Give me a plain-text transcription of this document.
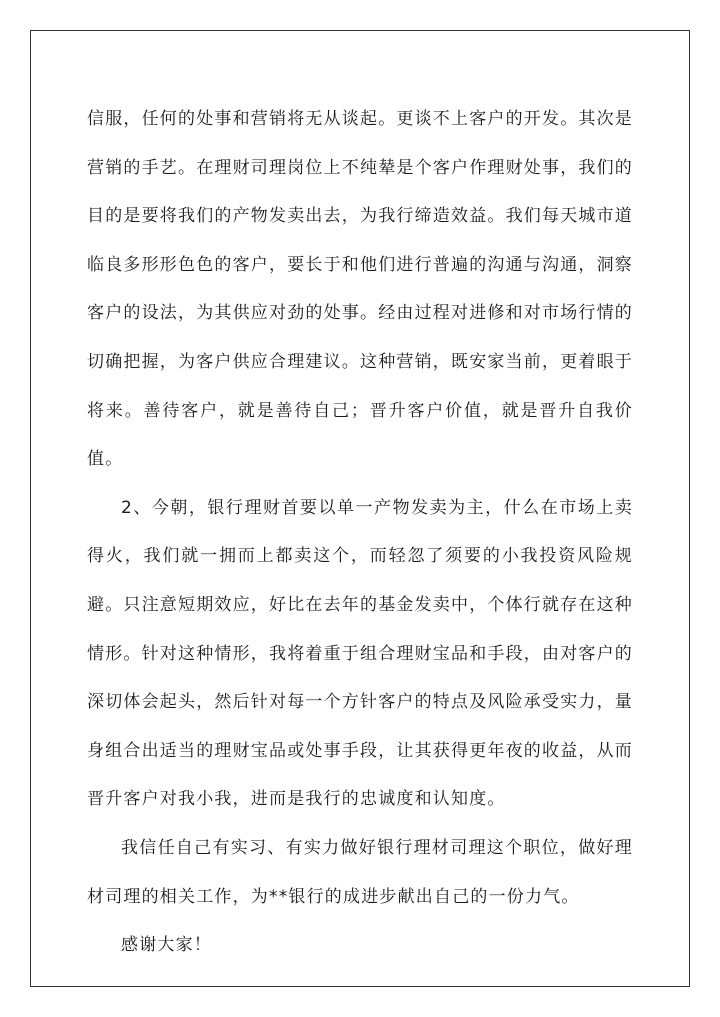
信服，任何的处事和营销将无从谈起。更谈不上客户的开发。其次是营销的手艺。在理财司理岗位上不纯辇是个客户作理财处事，我们的目的是要将我们的产物发卖出去，为我行缔造效益。我们每天城市道临良多形形色色的客户，要长于和他们进行普遍的沟通与沟通，洞察客户的设法，为其供应对劲的处事。经由过程对进修和对市场行情的切确把握，为客户供应合理建议。这种营销，既安家当前，更着眼于将来。善待客户，就是善待自己；晋升客户价值，就是晋升自我价值。

2、今朝，银行理财首要以单一产物发卖为主，什么在市场上卖得火，我们就一拥而上都卖这个，而轻忽了须要的小我投资风险规避。只注意短期效应，好比在去年的基金发卖中，个体行就存在这种情形。针对这种情形，我将着重于组合理财宝品和手段，由对客户的深切体会起头，然后针对每一个方针客户的特点及风险承受实力，量身组合出适当的理财宝品或处事手段，让其获得更年夜的收益，从而晋升客户对我小我，进而是我行的忠诚度和认知度。

我信任自己有实习、有实力做好银行理材司理这个职位，做好理材司理的相关工作，为**银行的成进步献出自己的一份力气。

感谢大家！
